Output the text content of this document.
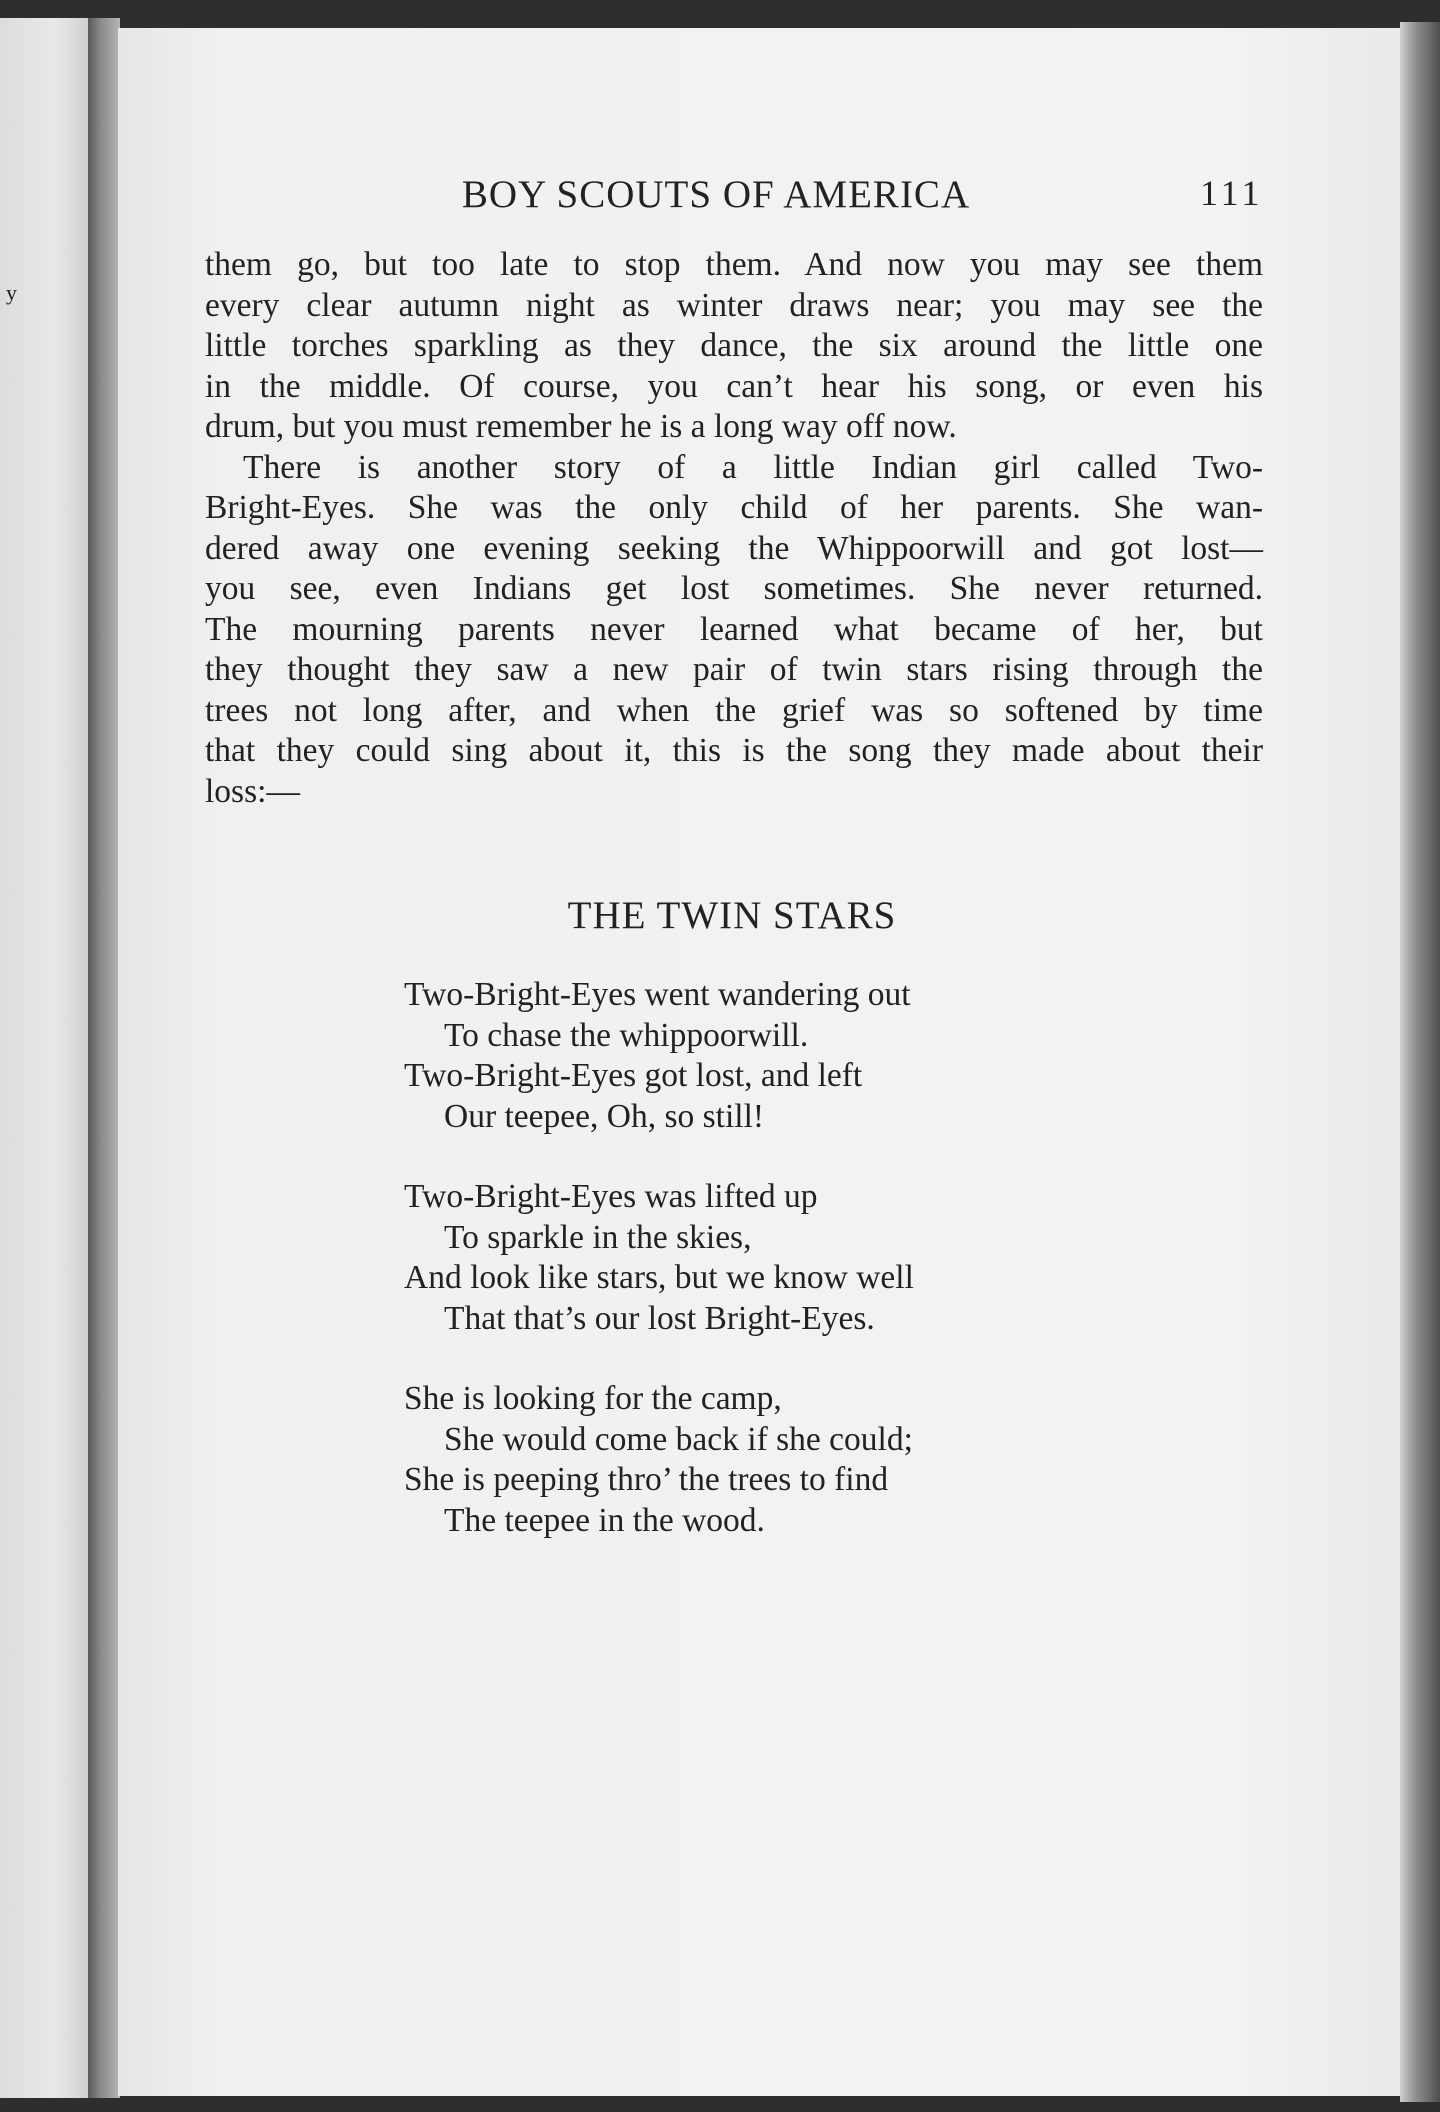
y
BOY SCOUTS OF AMERICA	111
them go, but too late to stop them. And now you may see them
every clear autumn night as winter draws near; you may see the
little torches sparkling as they dance, the six around the little one
in the middle. Of course, you can’t hear his song, or even his
drum, but you must remember he is a long way off now.
There is another story of a little Indian girl called Two-
Bright-Eyes. She was the only child of her parents. She wan-
dered away one evening seeking the Whippoorwill and got lost—
you see, even Indians get lost sometimes. She never returned.
The mourning parents never learned what became of her, but
they thought they saw a new pair of twin stars rising through the
trees not long after, and when the grief was so softened by time
that they could sing about it, this is the song they made about their
loss:—
THE TWIN STARS
Two-Bright-Eyes went wandering out
To chase the whippoorwill.
Two-Bright-Eyes got lost, and left
Our teepee, Oh, so still!
Two-Bright-Eyes was lifted up
To sparkle in the skies,
And look like stars, but we know well
That that’s our lost Bright-Eyes.
She is looking for the camp,
She would come back if she could;
She is peeping thro’ the trees to find
The teepee in the wood.
